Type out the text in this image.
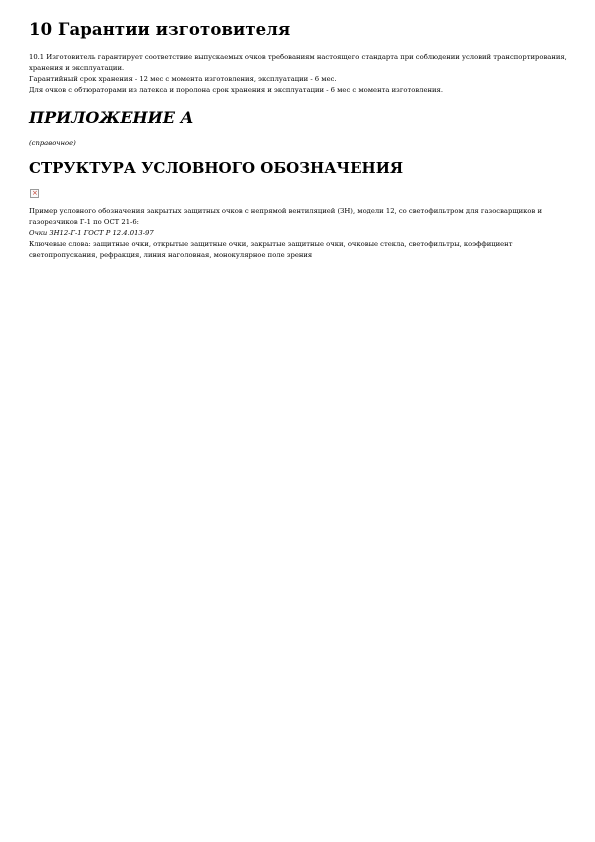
10 Гарантии изготовителя

10.1 Изготовитель гарантирует соответствие выпускаемых очков требованиям настоящего стандарта при соблюдении условий транспортирования, хранения и эксплуатации.

Гарантийный срок хранения - 12 мес с момента изготовления, эксплуатации - 6 мес.

Для очков с обтюраторами из латекса и поролона срок хранения и эксплуатации - 6 мес с момента изготовления.

ПРИЛОЖЕНИЕ А

(справочное)

СТРУКТУРА УСЛОВНОГО ОБОЗНАЧЕНИЯ
×

Пример условного обозначения закрытых защитных очков с непрямой вентиляцией (ЗН), модели 12, со светофильтром для газосварщиков и газорезчиков Г-1 по ОСТ 21-6:

Очки ЗН12-Г-1 ГОСТ Р 12.4.013-97

Ключевые слова: защитные очки, открытые защитные очки, закрытые защитные очки, очковые стекла, светофильтры, коэффициент светопропускания, рефракция, линия наголовная, монокулярное поле зрения
